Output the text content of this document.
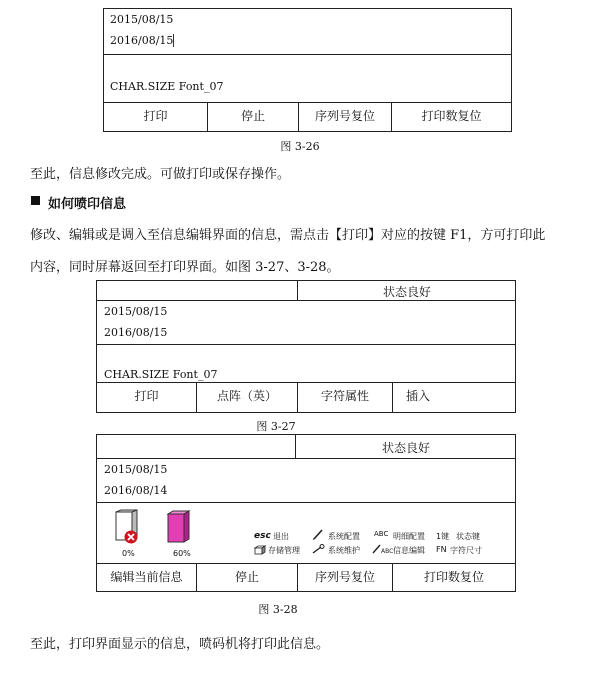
2015/08/15
2016/08/15
CHAR.SIZE Font_07
打印	停止	序列号复位	打印数复位
图 3-26
至此，信息修改完成。可做打印或保存操作。
如何喷印信息
修改、编辑或是调入至信息编辑界面的信息，需点击【打印】对应的按键 F1，方可打印此
内容，同时屏幕返回至打印界面。如图 3-27、3-28。
状态良好
2015/08/15
2016/08/15
CHAR.SIZE Font_07
打印	点阵（英）	字符属性	插入
图 3-27
状态良好
2015/08/15
2016/08/14
0%	60%
esc 退出
存储管理
系统配置
系统维护
ABC 明细配置
ABC 信息编辑
1键 状态键
FN 字符尺寸
编辑当前信息	停止	序列号复位	打印数复位
图 3-28
至此，打印界面显示的信息，喷码机将打印此信息。
